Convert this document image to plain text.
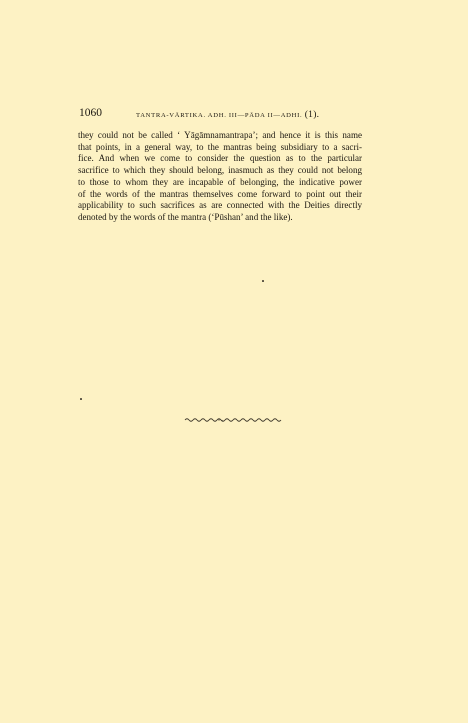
1060	TANTRA-VĀRTIKA. ADH. III—PĀDA II—ADHI. (1).
they could not be called ‘ Yāgāmnamantrapa’; and hence it is this name
that points, in a general way, to the mantras being subsidiary to a sacri-
fice. And when we come to consider the question as to the particular
sacrifice to which they should belong, inasmuch as they could not belong
to those to whom they are incapable of belonging, the indicative power
of the words of the mantras themselves come forward to point out their
applicability to such sacrifices as are connected with the Deities directly
denoted by the words of the mantra (‘Pūshan’ and the like).
